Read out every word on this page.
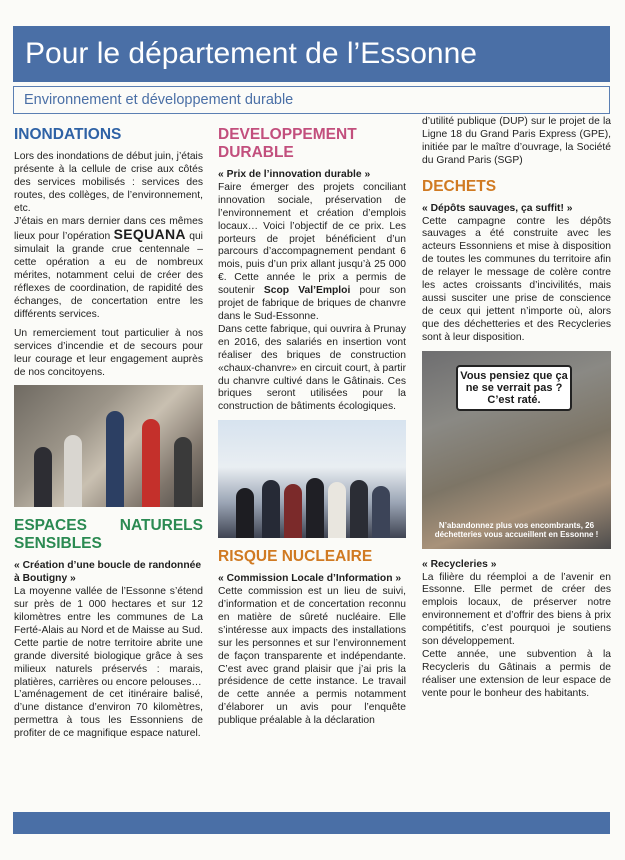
Pour le département de l’Essonne
Environnement et développement durable
INONDATIONS

Lors des inondations de début juin, j’étais présente à la cellule de crise aux côtés des services mobilisés : services des routes, des collèges, de l’environnement, etc.

J’étais en mars dernier dans ces mêmes lieux pour l’opération SEQUANA qui simulait la grande crue centennale – cette opération a eu de nombreux mérites, notamment celui de créer des réflexes de coordination, de rapidité des échanges, de concertation entre les différents services.

Un remerciement tout particulier à nos services d’incendie et de secours pour leur courage et leur engagement auprès de nos concitoyens.

ESPACES NATURELS SENSIBLES

« Création d’une boucle de randonnée à Boutigny »

La moyenne vallée de l’Essonne s’étend sur près de 1 000 hectares et sur 12 kilomètres entre les communes de La Ferté-Alais au Nord et de Maisse au Sud. Cette partie de notre territoire abrite une grande diversité biologique grâce à ses milieux naturels préservés : marais, platières, carrières ou encore pelouses…

L’aménagement de cet itinéraire balisé, d’une distance d’environ 70 kilomètres, permettra à tous les Essonniens de profiter de ce magnifique espace naturel.

DEVELOPPEMENT DURABLE

« Prix de l’innovation durable »

Faire émerger des projets conciliant innovation sociale, préservation de l’environnement et création d’emplois locaux… Voici l’objectif de ce prix. Les porteurs de projet bénéficient d’un parcours d’accompagnement pendant 6 mois, puis d’un prix allant jusqu’à 25 000 €. Cette année le prix a permis de soutenir Scop Val’Emploi pour son projet de fabrique de briques de chanvre dans le Sud-Essonne.

Dans cette fabrique, qui ouvrira à Prunay en 2016, des salariés en insertion vont réaliser des briques de construction «chaux-chanvre» en circuit court, à partir du chanvre cultivé dans le Gâtinais. Ces briques seront utilisées pour la construction de bâtiments écologiques.

RISQUE NUCLEAIRE

« Commission Locale d’Information »

Cette commission est un lieu de suivi, d’information et de concertation reconnu en matière de sûreté nucléaire. Elle s’intéresse aux impacts des installations sur les personnes et sur l’environnement de façon transparente et indépendante. C’est avec grand plaisir que j’ai pris la présidence de cette instance. Le travail de cette année a permis notamment d’élaborer un avis pour l’enquête publique préalable à la déclaration

d’utilité publique (DUP) sur le projet de la Ligne 18 du Grand Paris Express (GPE), initiée par le maître d’ouvrage, la Société du Grand Paris (SGP)

DECHETS

« Dépôts sauvages, ça suffit! »

Cette campagne contre les dépôts sauvages a été construite avec les acteurs Essonniens et mise à disposition de toutes les communes du territoire afin de relayer le message de colère contre les actes croissants d’incivilités, mais aussi susciter une prise de conscience de ceux qui jettent n’importe où, alors que des déchetteries et des Recycleries sont à leur disposition.

Vous pensiez que ça ne se verrait pas ? C’est raté.
N’abandonnez plus vos encombrants, 26 déchetteries vous accueillent en Essonne !

« Recycleries »

La filière du réemploi a de l’avenir en Essonne. Elle permet de créer des emplois locaux, de préserver notre environnement et d’offrir des biens à prix compétitifs, c’est pourquoi je soutiens son développement.

Cette année, une subvention à la Recycleris du Gâtinais a permis de réaliser une extension de leur espace de vente pour le bonheur des habitants.
